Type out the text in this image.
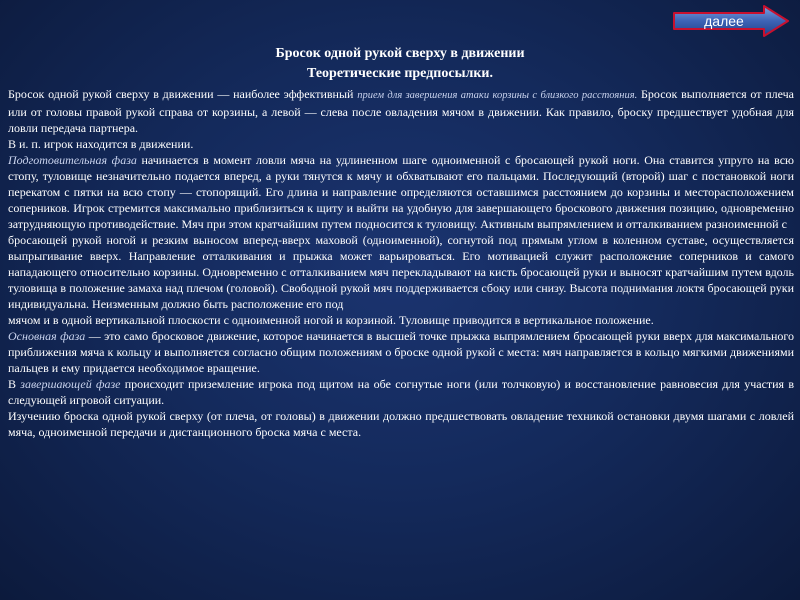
далее
Бросок одной рукой сверху в движении
Теоретические предпосылки.

Бросок одной рукой сверху в движении — наиболее эффективный прием для завершения атаки корзины с близкого расстояния. Бросок выполняется от плеча или от головы правой рукой справа от корзины, а левой — слева после овладения мячом в движении. Как правило, броску предшествует удобная для ловли передача партнера.

В и. п. игрок находится в движении.

Подготовительная фаза начинается в момент ловли мяча на удлиненном шаге одноименной с бросающей рукой ноги. Она ставится упруго на всю стопу, туловище незначительно подается вперед, а руки тянутся к мячу и обхватывают его пальцами. Последующий (второй) шаг с постановкой ноги перекатом с пятки на всю стопу — стопорящий. Его длина и направление определяются оставшимся расстоянием до корзины и месторасположением соперников. Игрок стремится максимально приблизиться к щиту и выйти на удобную для завершающего броскового движения позицию, одновременно затрудняющую противодействие. Мяч при этом кратчайшим путем подносится к туловищу. Активным выпрямлением и отталкиванием разноименной с

бросающей рукой ногой и резким выносом вперед-вверх маховой (одноименной), согнутой под прямым углом в коленном суставе, осуществляется выпрыгивание вверх. Направление отталкивания и прыжка может варьироваться. Его мотивацией служит расположение соперников и самого нападающего относительно корзины. Одновременно с отталкиванием мяч перекладывают на кисть бросающей руки и выносят кратчайшим путем вдоль туловища в положение замаха над плечом (головой). Свободной рукой мяч поддерживается сбоку или снизу. Высота поднимания локтя бросающей руки индивидуальна. Неизменным должно быть расположение его под

мячом и в одной вертикальной плоскости с одноименной ногой и корзиной. Туловище приводится в вертикальное положение.

Основная фаза — это само бросковое движение, которое начинается в высшей точке прыжка выпрямлением бросающей руки вверх для максимального приближения мяча к кольцу и выполняется согласно общим положениям о броске одной рукой с места: мяч направляется в кольцо мягкими движениями пальцев и ему придается необходимое вращение.

В завершающей фазе происходит приземление игрока под щитом на обе согнутые ноги (или толчковую) и восстановление равновесия для участия в следующей игровой ситуации.

Изучению броска одной рукой сверху (от плеча, от головы) в движении должно предшествовать овладение техникой остановки двумя шагами с ловлей мяча, одноименной передачи и дистанционного броска мяча с места.
